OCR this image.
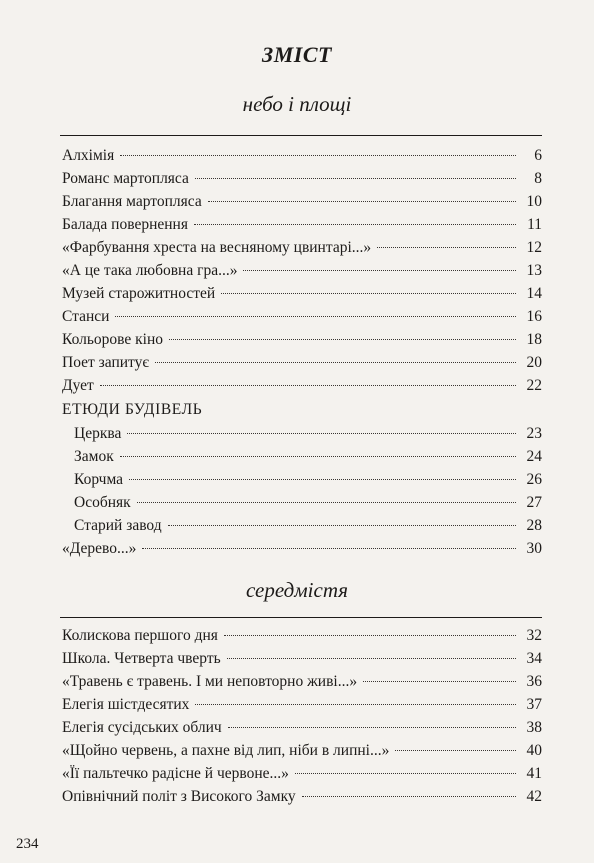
ЗМІСТ
небо і площі
Алхімія	6
Романс мартопляса	8
Благання мартопляса	10
Балада повернення	11
«Фарбування хреста на весняному цвинтарі...»	12
«А це така любовна гра...»	13
Музей старожитностей	14
Станси	16
Кольорове кіно	18
Поет запитує	20
Дует	22
ЕТЮДИ БУДІВЕЛЬ
Церква	23
Замок	24
Корчма	26
Особняк	27
Старий завод	28
«Дерево...»	30
середмістя
Колискова першого дня	32
Школа. Четверта чверть	34
«Травень є травень. І ми неповторно живі...»	36
Елегія шістдесятих	37
Елегія сусідських облич	38
«Щойно червень, а пахне від лип, ніби в липні...»	40
«Її пальтечко радісне й червоне...»	41
Опівнічний політ з Високого Замку	42
234
